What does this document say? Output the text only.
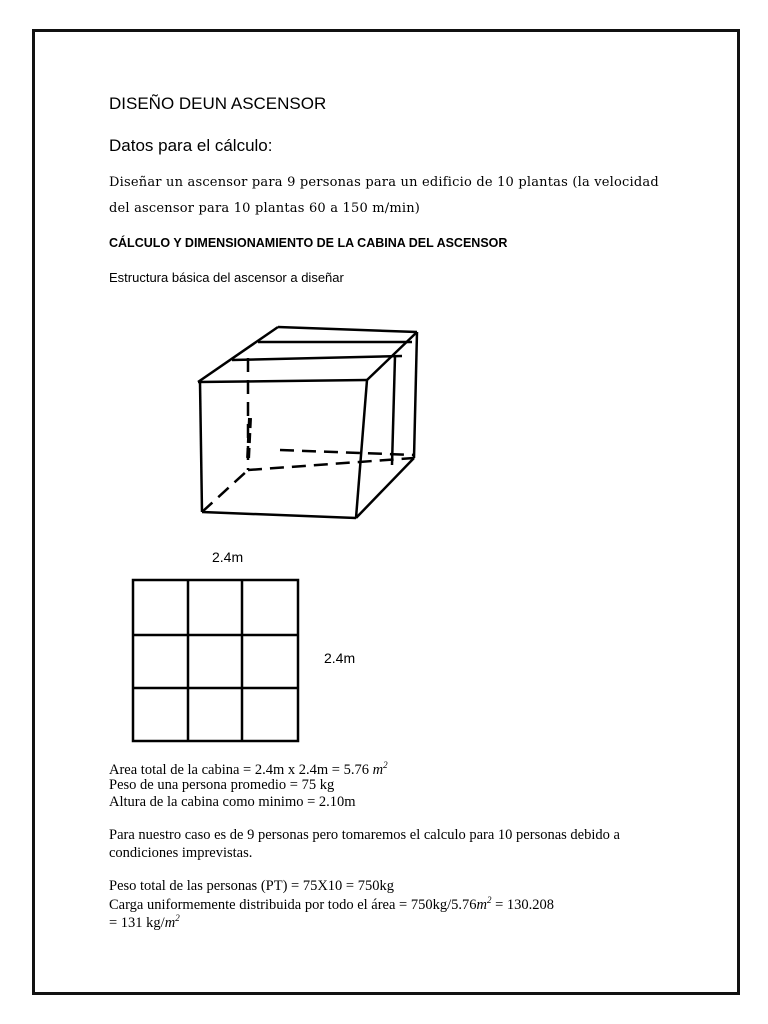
DISEÑO DEUN ASCENSOR
Datos para el cálculo:
Diseñar un ascensor para 9 personas para un edificio de 10 plantas (la velocidad
del ascensor para 10 plantas 60 a 150 m/min)
CÁLCULO Y DIMENSIONAMIENTO DE LA CABINA DEL ASCENSOR
Estructura básica del ascensor a diseñar
2.4m
2.4m
Area total de la cabina = 2.4m x 2.4m = 5.76 $m^2$
Peso de una persona promedio = 75 kg
Altura de la cabina como minimo = 2.10m
Para nuestro caso es de 9 personas pero tomaremos el calculo para 10 personas debido a
condiciones imprevistas.
Peso total de las personas (PT) = 75X10 = 750kg
Carga uniformemente distribuida por todo el área = $750kg/5.76m^2 = 130.208$
= 131 $kg/m^2$
